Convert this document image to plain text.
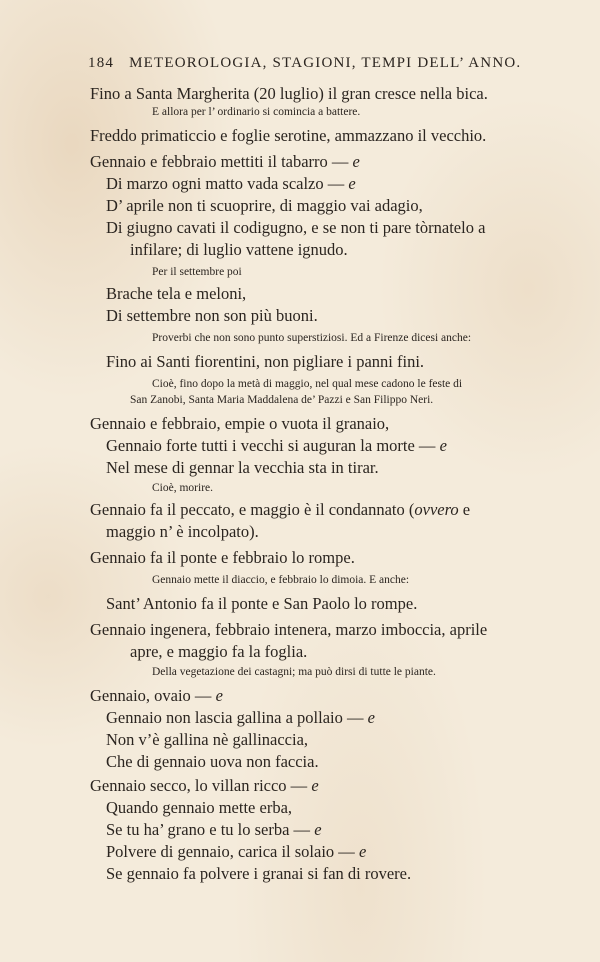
184 METEOROLOGIA, STAGIONI, TEMPI DELL’ ANNO.
Fino a Santa Margherita (20 luglio) il gran cresce nella bica.
E allora per l’ ordinario si comincia a battere.
Freddo primaticcio e foglie serotine, ammazzano il vecchio.
Gennaio e febbraio mettiti il tabarro — e
Di marzo ogni matto vada scalzo — e
D’ aprile non ti scuoprire, di maggio vai adagio,
Di giugno cavati il codigugno, e se non ti pare tòrnatelo a
infilare; di luglio vattene ignudo.
Per il settembre poi
Brache tela e meloni,
Di settembre non son più buoni.
Proverbi che non sono punto superstiziosi. Ed a Firenze dicesi anche:
Fino ai Santi fiorentini, non pigliare i panni fini.
Cioè, fino dopo la metà di maggio, nel qual mese cadono le feste di
San Zanobi, Santa Maria Maddalena de’ Pazzi e San Filippo Neri.
Gennaio e febbraio, empie o vuota il granaio,
Gennaio forte tutti i vecchi si auguran la morte — e
Nel mese di gennar la vecchia sta in tirar.
Cioè, morire.
Gennaio fa il peccato, e maggio è il condannato (ovvero e
maggio n’ è incolpato).
Gennaio fa il ponte e febbraio lo rompe.
Gennaio mette il diaccio, e febbraio lo dimoia. E anche:
Sant’ Antonio fa il ponte e San Paolo lo rompe.
Gennaio ingenera, febbraio intenera, marzo imboccia, aprile
apre, e maggio fa la foglia.
Della vegetazione dei castagni; ma può dirsi di tutte le piante.
Gennaio, ovaio — e
Gennaio non lascia gallina a pollaio — e
Non v’è gallina nè gallinaccia,
Che di gennaio uova non faccia.
Gennaio secco, lo villan ricco — e
Quando gennaio mette erba,
Se tu ha’ grano e tu lo serba — e
Polvere di gennaio, carica il solaio — e
Se gennaio fa polvere i granai si fan di rovere.
